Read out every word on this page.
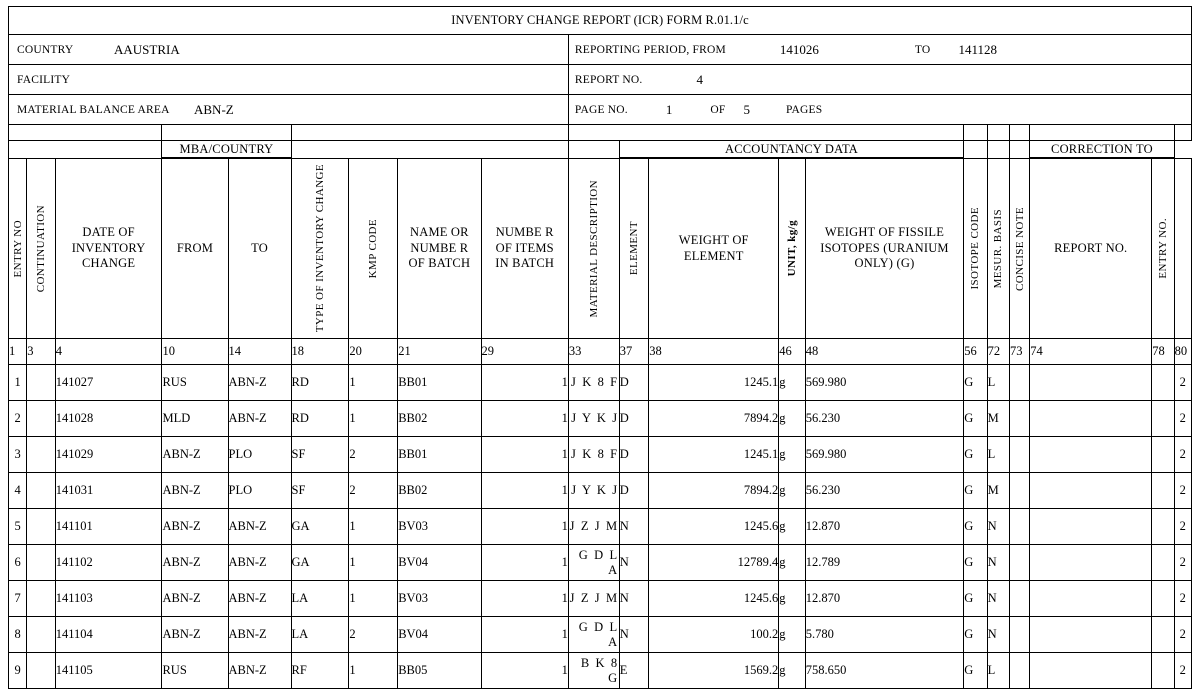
INVENTORY CHANGE REPORT (ICR) FORM R.01.1/c	

COUNTRY AAUSTRIA	REPORTING PERIOD, FROM 141026 TO 141128

FACILITY	REPORT NO. 4

MATERIAL BALANCE AREA ABN-Z	PAGE NO. 1 OF 5 PAGES

			MBA/COUNTRY							ACCOUNTANCY DATA							CORRECTION TO		

ENTRY NO	CONTINUATION	DATE OF INVENTORY CHANGE	FROM	TO	TYPE OF INVENTORY CHANGE	KMP CODE	NAME OR NUMBE R OF BATCH	NUMBE R OF ITEMS IN BATCH	MATERIAL DESCRIPTION	ELEMENT	WEIGHT OF ELEMENT	UNIT, kg/g	WEIGHT OF FISSILE ISOTOPES (URANIUM ONLY) (G)	ISOTOPE CODE	MESUR. BASIS	CONCISE NOTE	REPORT NO.	ENTRY NO.	

1	3	4	10	14	18	20	21	29	33	37	38	46	48	56	72	73	74	78	80
1		141027	RUS	ABN-Z	RD	1	BB01	1	J K 8 F	D	1245.1	g	569.980	G	L				2
2		141028	MLD	ABN-Z	RD	1	BB02	1	J Y K J	D	7894.2	g	56.230	G	M				2
3		141029	ABN-Z	PLO	SF	2	BB01	1	J K 8 F	D	1245.1	g	569.980	G	L				2
4		141031	ABN-Z	PLO	SF	2	BB02	1	J Y K J	D	7894.2	g	56.230	G	M				2
5		141101	ABN-Z	ABN-Z	GA	1	BV03	1	J Z J M	N	1245.6	g	12.870	G	N				2
6		141102	ABN-Z	ABN-Z	GA	1	BV04	1	G D L A	N	12789.4	g	12.789	G	N				2
7		141103	ABN-Z	ABN-Z	LA	1	BV03	1	J Z J M	N	1245.6	g	12.870	G	N				2
8		141104	ABN-Z	ABN-Z	LA	2	BV04	1	G D L A	N	100.2	g	5.780	G	N				2
9		141105	RUS	ABN-Z	RF	1	BB05	1	B K 8 G	E	1569.2	g	758.650	G	L				2
